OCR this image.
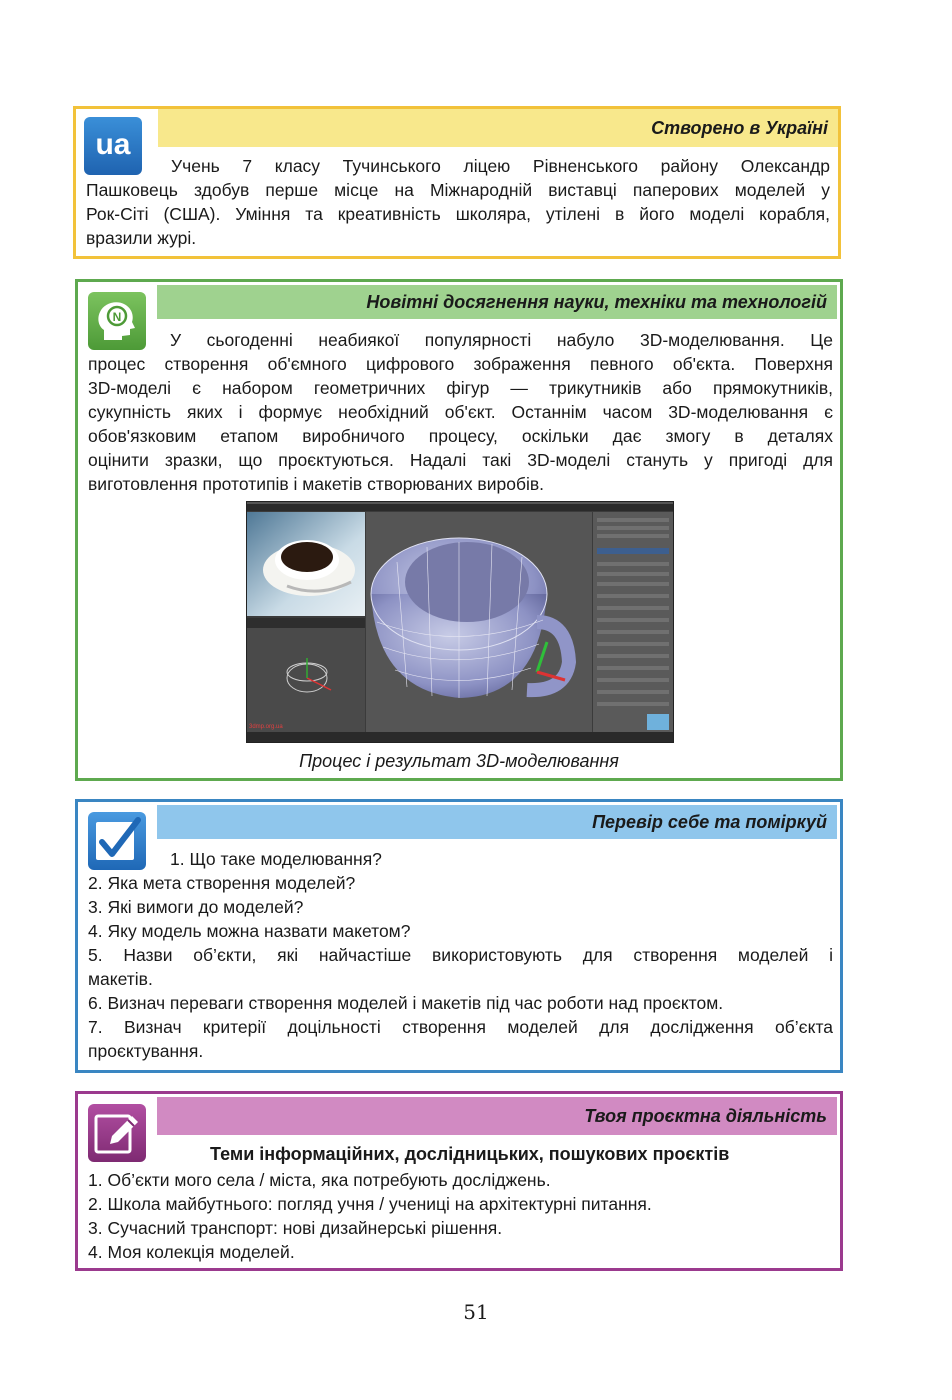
Створено в Україні
ua
Учень 7 класу Тучинського ліцею Рівненського району Олександр
Пашковець здобув перше місце на Міжнародній виставці паперових моделей у
Рок-Сіті (США). Уміння та креативність школяра, утілені в його моделі корабля,
вразили журі.
Новітні досягнення науки, техніки та технологій
N
У сьогоденні неабиякої популярності набуло 3D-моделювання. Це
процес створення об'ємного цифрового зображення певного об'єкта. Поверхня
3D-моделі є набором геометричних фігур — трикутників або прямокутників,
сукупність яких і формує необхідний об'єкт. Останнім часом 3D-моделювання є
обов'язковим етапом виробничого процесу, оскільки дає змогу в деталях
оцінити зразки, що проєктуються. Надалі такі 3D-моделі стануть у пригоді для
виготовлення прототипів і макетів створюваних виробів.
Процес і результат 3D-моделювання
3dmp.org.ua
Перевір себе та поміркуй
1. Що таке моделювання?
2. Яка мета створення моделей?
3. Які вимоги до моделей?
4. Яку модель можна назвати макетом?
5. Назви об’єкти, які найчастіше використовують для створення моделей і
макетів.
6. Визнач переваги створення моделей і макетів під час роботи над проєктом.
7. Визнач критерії доцільності створення моделей для дослідження об’єкта
проєктування.
Твоя проєктна діяльність
Теми інформаційних, дослідницьких, пошукових проєктів
1. Об’єкти мого села / міста, яка потребують досліджень.
2. Школа майбутнього: погляд учня / учениці на архітектурні питання.
3. Сучасний транспорт: нові дизайнерські рішення.
4. Моя колекція моделей.
51
